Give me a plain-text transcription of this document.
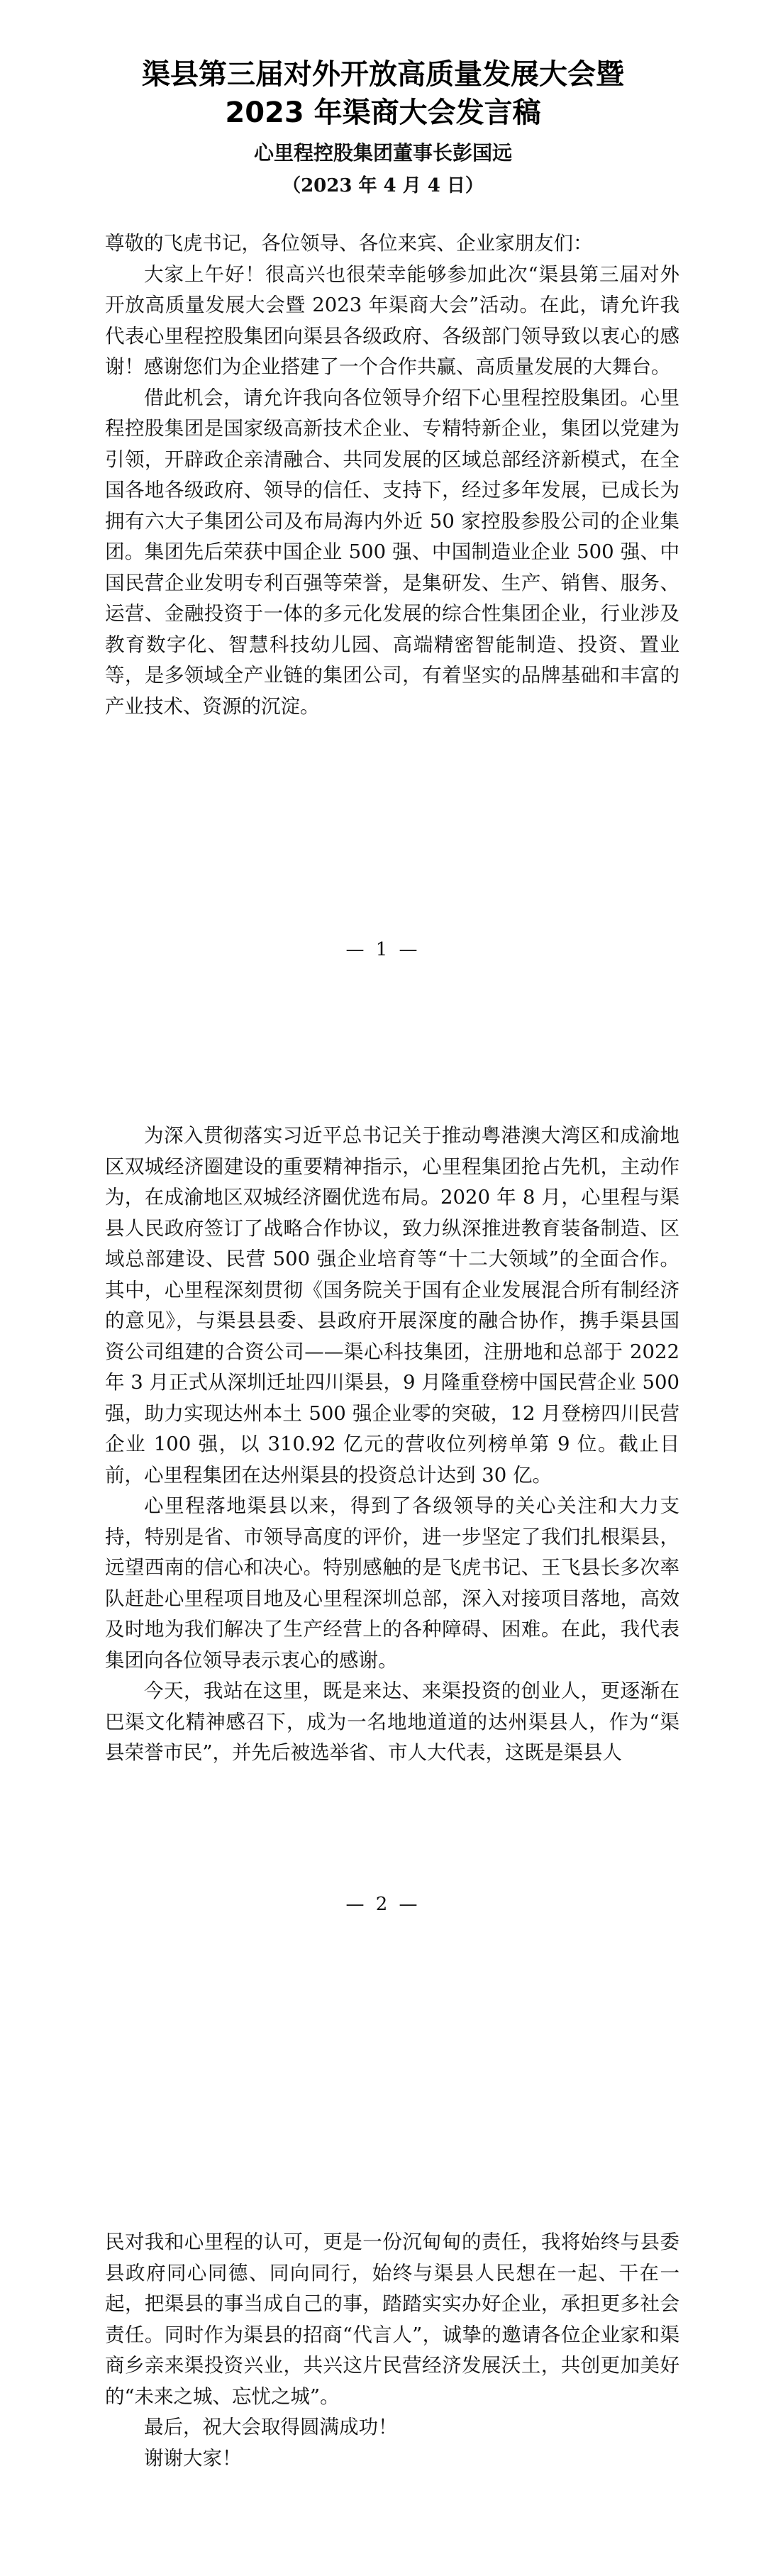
渠县第三届对外开放高质量发展大会暨
2023 年渠商大会发言稿
心里程控股集团董事长彭国远
（2023 年 4 月 4 日）

尊敬的飞虎书记，各位领导、各位来宾、企业家朋友们：

大家上午好！很高兴也很荣幸能够参加此次“渠县第三届对外开放高质量发展大会暨 2023 年渠商大会”活动。在此，请允许我代表心里程控股集团向渠县各级政府、各级部门领导致以衷心的感谢！感谢您们为企业搭建了一个合作共赢、高质量发展的大舞台。

借此机会，请允许我向各位领导介绍下心里程控股集团。心里程控股集团是国家级高新技术企业、专精特新企业，集团以党建为引领，开辟政企亲清融合、共同发展的区域总部经济新模式，在全国各地各级政府、领导的信任、支持下，经过多年发展，已成长为拥有六大子集团公司及布局海内外近 50 家控股参股公司的企业集团。集团先后荣获中国企业 500 强、中国制造业企业 500 强、中国民营企业发明专利百强等荣誉，是集研发、生产、销售、服务、运营、金融投资于一体的多元化发展的综合性集团企业，行业涉及教育数字化、智慧科技幼儿园、高端精密智能制造、投资、置业等，是多领域全产业链的集团公司，有着坚实的品牌基础和丰富的产业技术、资源的沉淀。

— 1 —

为深入贯彻落实习近平总书记关于推动粤港澳大湾区和成渝地区双城经济圈建设的重要精神指示，心里程集团抢占先机，主动作为，在成渝地区双城经济圈优选布局。2020 年 8 月，心里程与渠县人民政府签订了战略合作协议，致力纵深推进教育装备制造、区域总部建设、民营 500 强企业培育等“十二大领域”的全面合作。其中，心里程深刻贯彻《国务院关于国有企业发展混合所有制经济的意见》，与渠县县委、县政府开展深度的融合协作，携手渠县国资公司组建的合资公司——渠心科技集团，注册地和总部于 2022 年 3 月正式从深圳迁址四川渠县，9 月隆重登榜中国民营企业 500 强，助力实现达州本土 500 强企业零的突破，12 月登榜四川民营企业 100 强，以 310.92 亿元的营收位列榜单第 9 位。截止目前，心里程集团在达州渠县的投资总计达到 30 亿。

心里程落地渠县以来，得到了各级领导的关心关注和大力支持，特别是省、市领导高度的评价，进一步坚定了我们扎根渠县，远望西南的信心和决心。特别感触的是飞虎书记、王飞县长多次率队赶赴心里程项目地及心里程深圳总部，深入对接项目落地，高效及时地为我们解决了生产经营上的各种障碍、困难。在此，我代表集团向各位领导表示衷心的感谢。

今天，我站在这里，既是来达、来渠投资的创业人，更逐渐在巴渠文化精神感召下，成为一名地地道道的达州渠县人，作为“渠县荣誉市民”，并先后被选举省、市人大代表，这既是渠县人

— 2 —

民对我和心里程的认可，更是一份沉甸甸的责任，我将始终与县委县政府同心同德、同向同行，始终与渠县人民想在一起、干在一起，把渠县的事当成自己的事，踏踏实实办好企业，承担更多社会责任。同时作为渠县的招商“代言人”，诚挚的邀请各位企业家和渠商乡亲来渠投资兴业，共兴这片民营经济发展沃土，共创更加美好的“未来之城、忘忧之城”。

最后，祝大会取得圆满成功！

谢谢大家！
